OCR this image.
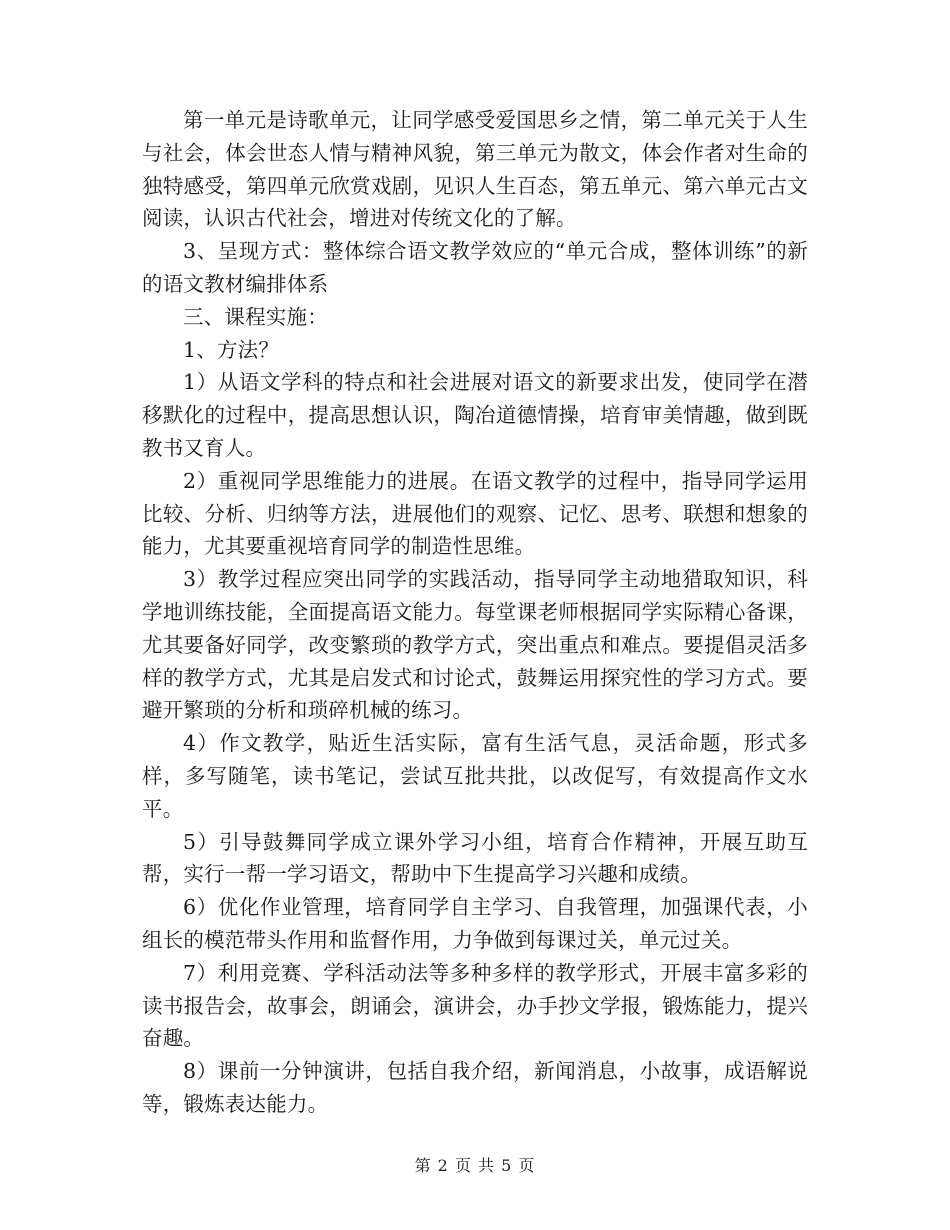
第一单元是诗歌单元，让同学感受爱国思乡之情，第二单元关于人生与社会，体会世态人情与精神风貌，第三单元为散文，体会作者对生命的独特感受，第四单元欣赏戏剧，见识人生百态，第五单元、第六单元古文阅读，认识古代社会，增进对传统文化的了解。

3、呈现方式：整体综合语文教学效应的“单元合成，整体训练”的新的语文教材编排体系

三、课程实施：

1、方法？

1）从语文学科的特点和社会进展对语文的新要求出发，使同学在潜移默化的过程中，提高思想认识，陶冶道德情操，培育审美情趣，做到既教书又育人。

2）重视同学思维能力的进展。在语文教学的过程中，指导同学运用比较、分析、归纳等方法，进展他们的观察、记忆、思考、联想和想象的能力，尤其要重视培育同学的制造性思维。

3）教学过程应突出同学的实践活动，指导同学主动地猎取知识，科学地训练技能，全面提高语文能力。每堂课老师根据同学实际精心备课，尤其要备好同学，改变繁琐的教学方式，突出重点和难点。要提倡灵活多样的教学方式，尤其是启发式和讨论式，鼓舞运用探究性的学习方式。要避开繁琐的分析和琐碎机械的练习。

4）作文教学，贴近生活实际，富有生活气息，灵活命题，形式多样，多写随笔，读书笔记，尝试互批共批，以改促写，有效提高作文水平。

5）引导鼓舞同学成立课外学习小组，培育合作精神，开展互助互帮，实行一帮一学习语文，帮助中下生提高学习兴趣和成绩。

6）优化作业管理，培育同学自主学习、自我管理，加强课代表，小组长的模范带头作用和监督作用，力争做到每课过关，单元过关。

7）利用竞赛、学科活动法等多种多样的教学形式，开展丰富多彩的读书报告会，故事会，朗诵会，演讲会，办手抄文学报，锻炼能力，提兴奋趣。

8）课前一分钟演讲，包括自我介绍，新闻消息，小故事，成语解说等，锻炼表达能力。

第 2 页 共 5 页
